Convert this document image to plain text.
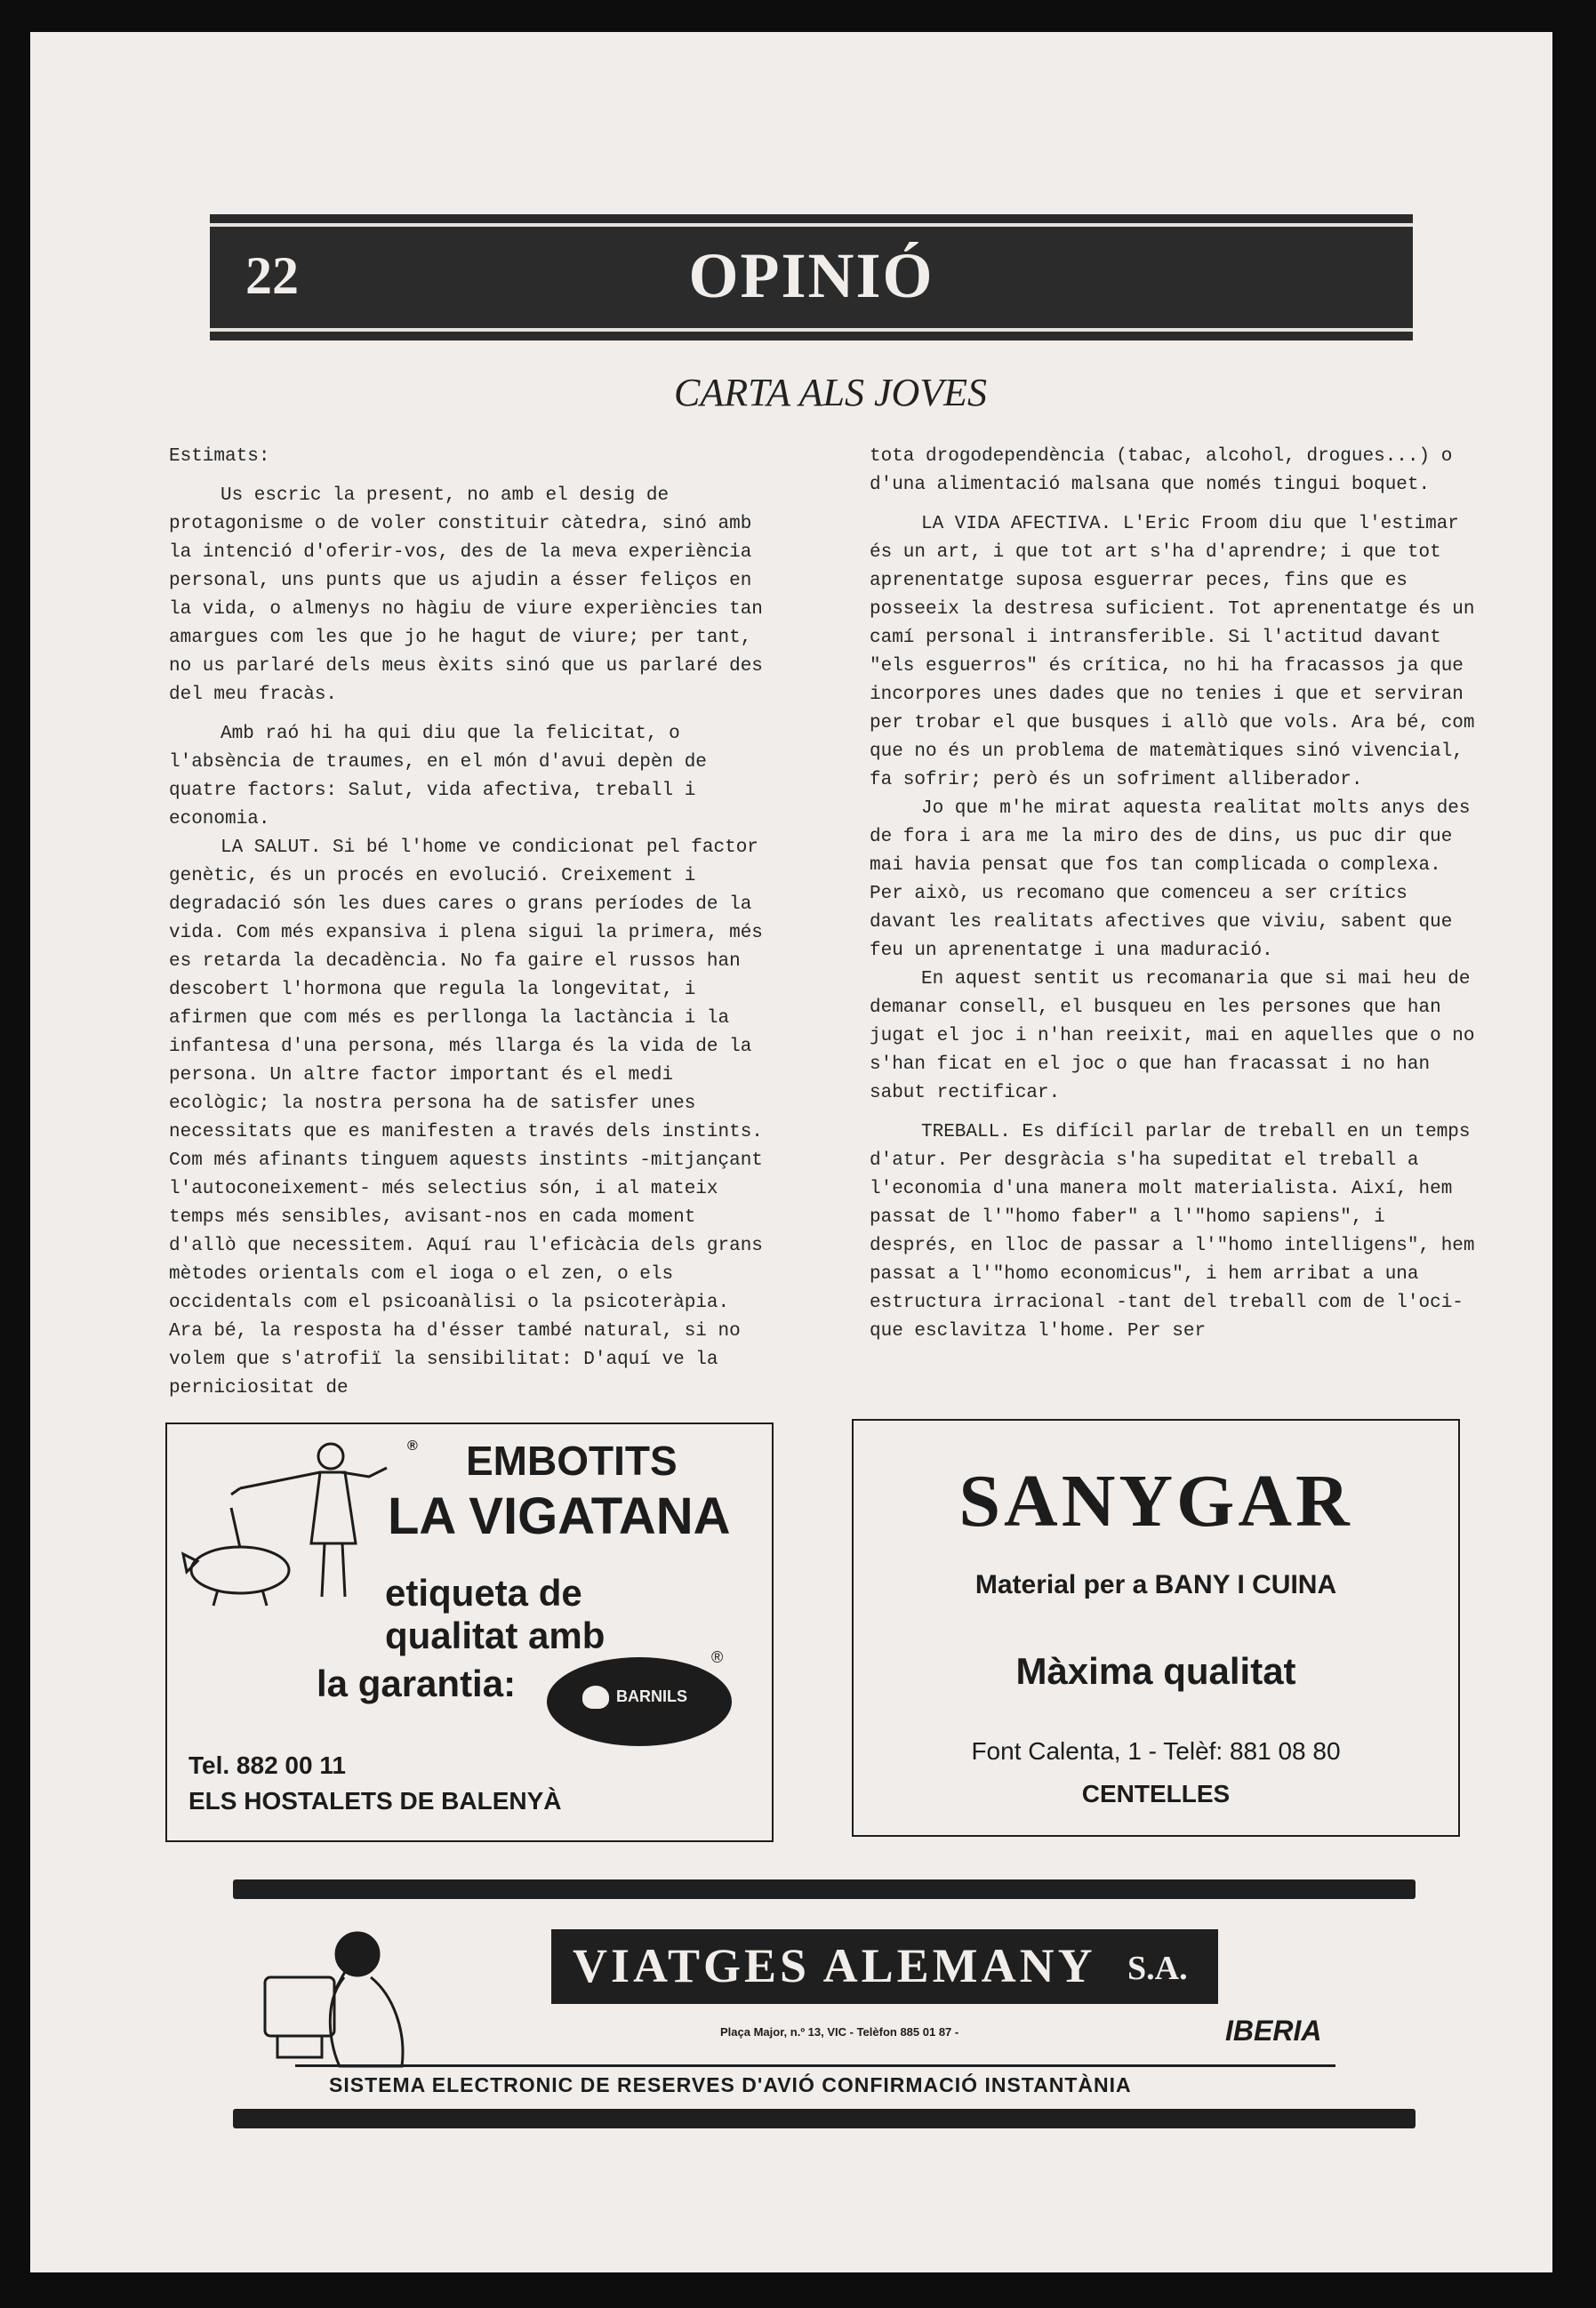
22	OPINIÓ
CARTA ALS JOVES

Estimats:

Us escric la present, no amb el desig de protagonisme o de voler constituir càtedra, sinó amb la intenció d'oferir-vos, des de la meva experiència personal, uns punts que us ajudin a ésser feliços en la vida, o almenys no hàgiu de viure experiències tan amargues com les que jo he hagut de viure; per tant, no us parlaré dels meus èxits sinó que us parlaré des del meu fracàs.

Amb raó hi ha qui diu que la felicitat, o l'absència de traumes, en el món d'avui depèn de quatre factors: Salut, vida afectiva, treball i economia.

LA SALUT. Si bé l'home ve condicionat pel factor genètic, és un procés en evolució. Creixement i degradació són les dues cares o grans períodes de la vida. Com més expansiva i plena sigui la primera, més es retarda la decadència. No fa gaire el russos han descobert l'hormona que regula la longevitat, i afirmen que com més es perllonga la lactància i la infantesa d'una persona, més llarga és la vida de la persona. Un altre factor important és el medi ecològic; la nostra persona ha de satisfer unes necessitats que es manifesten a través dels instints. Com més afinants tinguem aquests instints -mitjançant l'autoconeixement- més selectius són, i al mateix temps més sensibles, avisant-nos en cada moment d'allò que necessitem. Aquí rau l'eficàcia dels grans mètodes orientals com el ioga o el zen, o els occidentals com el psicoanàlisi o la psicoteràpia. Ara bé, la resposta ha d'ésser també natural, si no volem que s'atrofiï la sensibilitat: D'aquí ve la perniciositat de

tota drogodependència (tabac, alcohol, drogues...) o d'una alimentació malsana que només tingui boquet.

LA VIDA AFECTIVA. L'Eric Froom diu que l'estimar és un art, i que tot art s'ha d'aprendre; i que tot aprenentatge suposa esguerrar peces, fins que es posseeix la destresa suficient. Tot aprenentatge és un camí personal i intransferible. Si l'actitud davant "els esguerros" és crítica, no hi ha fracassos ja que incorpores unes dades que no tenies i que et serviran per trobar el que busques i allò que vols. Ara bé, com que no és un problema de matemàtiques sinó vivencial, fa sofrir; però és un sofriment alliberador.

Jo que m'he mirat aquesta realitat molts anys des de fora i ara me la miro des de dins, us puc dir que mai havia pensat que fos tan complicada o complexa. Per això, us recomano que comenceu a ser crítics davant les realitats afectives que viviu, sabent que feu un aprenentatge i una maduració.

En aquest sentit us recomanaria que si mai heu de demanar consell, el busqueu en les persones que han jugat el joc i n'han reeixit, mai en aquelles que o no s'han ficat en el joc o que han fracassat i no han sabut rectificar.

TREBALL. Es difícil parlar de treball en un temps d'atur. Per desgràcia s'ha supeditat el treball a l'economia d'una manera molt materialista. Així, hem passat de l'"homo faber" a l'"homo sapiens", i després, en lloc de passar a l'"homo intelligens", hem passat a l'"homo economicus", i hem arribat a una estructura irracional -tant del treball com de l'oci- que esclavitza l'home. Per ser

® EMBOTITS
LA VIGATANA
etiqueta de
qualitat amb
la garantia:	BARNILS
®
Tel. 882 00 11
ELS HOSTALETS DE BALENYÀ
SANYGAR
Material per a BANY I CUINA
Màxima qualitat
Font Calenta, 1 - Telèf: 881 08 80
CENTELLES
VIATGES ALEMANY S.A.
Plaça Major, n.º 13, VIC - Telèfon 885 01 87 -	IBERIA
SISTEMA ELECTRONIC DE RESERVES D'AVIÓ CONFIRMACIÓ INSTANTÀNIA
